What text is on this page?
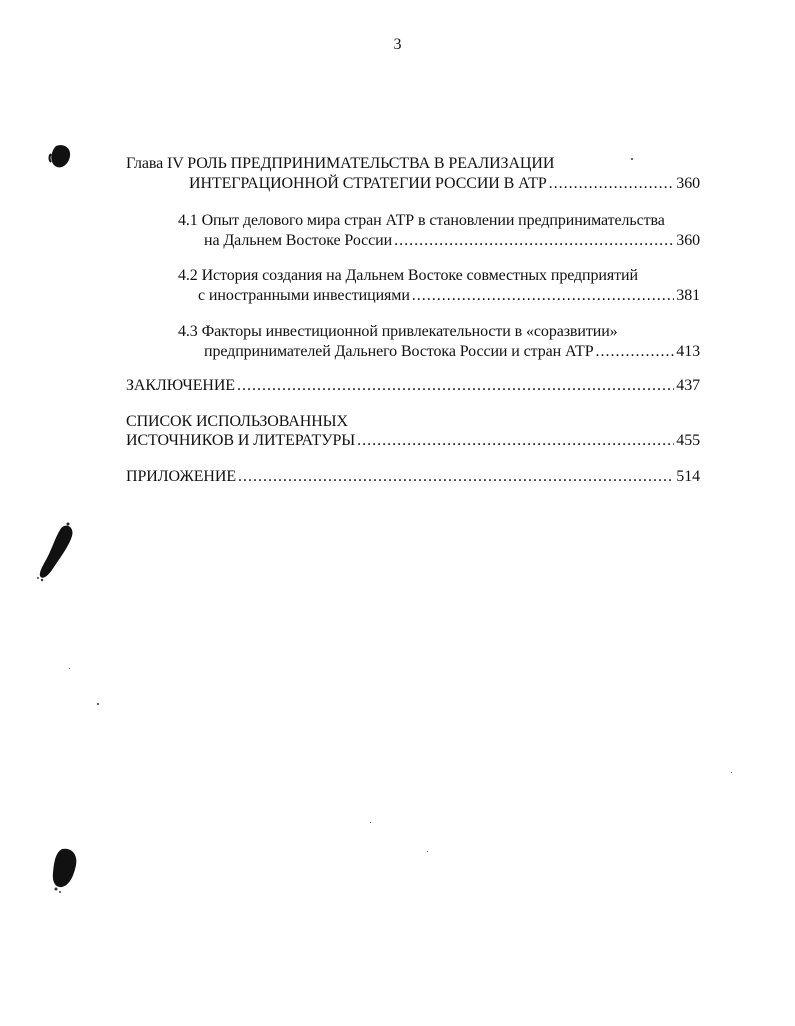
3
Глава IV РОЛЬ ПРЕДПРИНИМАТЕЛЬСТВА В РЕАЛИЗАЦИИ
ИНТЕГРАЦИОННОЙ СТРАТЕГИИ РОССИИ В АТР .....	360
4.1 Опыт делового мира стран АТР в становлении предпринимательства
на Дальнем Востоке России .....	360
4.2 История создания на Дальнем Востоке совместных предприятий
с иностранными инвестициями .....	381
4.3 Факторы инвестиционной привлекательности в «соразвитии»
предпринимателей Дальнего Востока России и стран АТР .....	413
ЗАКЛЮЧЕНИЕ .....	437
СПИСОК ИСПОЛЬЗОВАННЫХ
ИСТОЧНИКОВ И ЛИТЕРАТУРЫ .....	455
ПРИЛОЖЕНИЕ .....	514
